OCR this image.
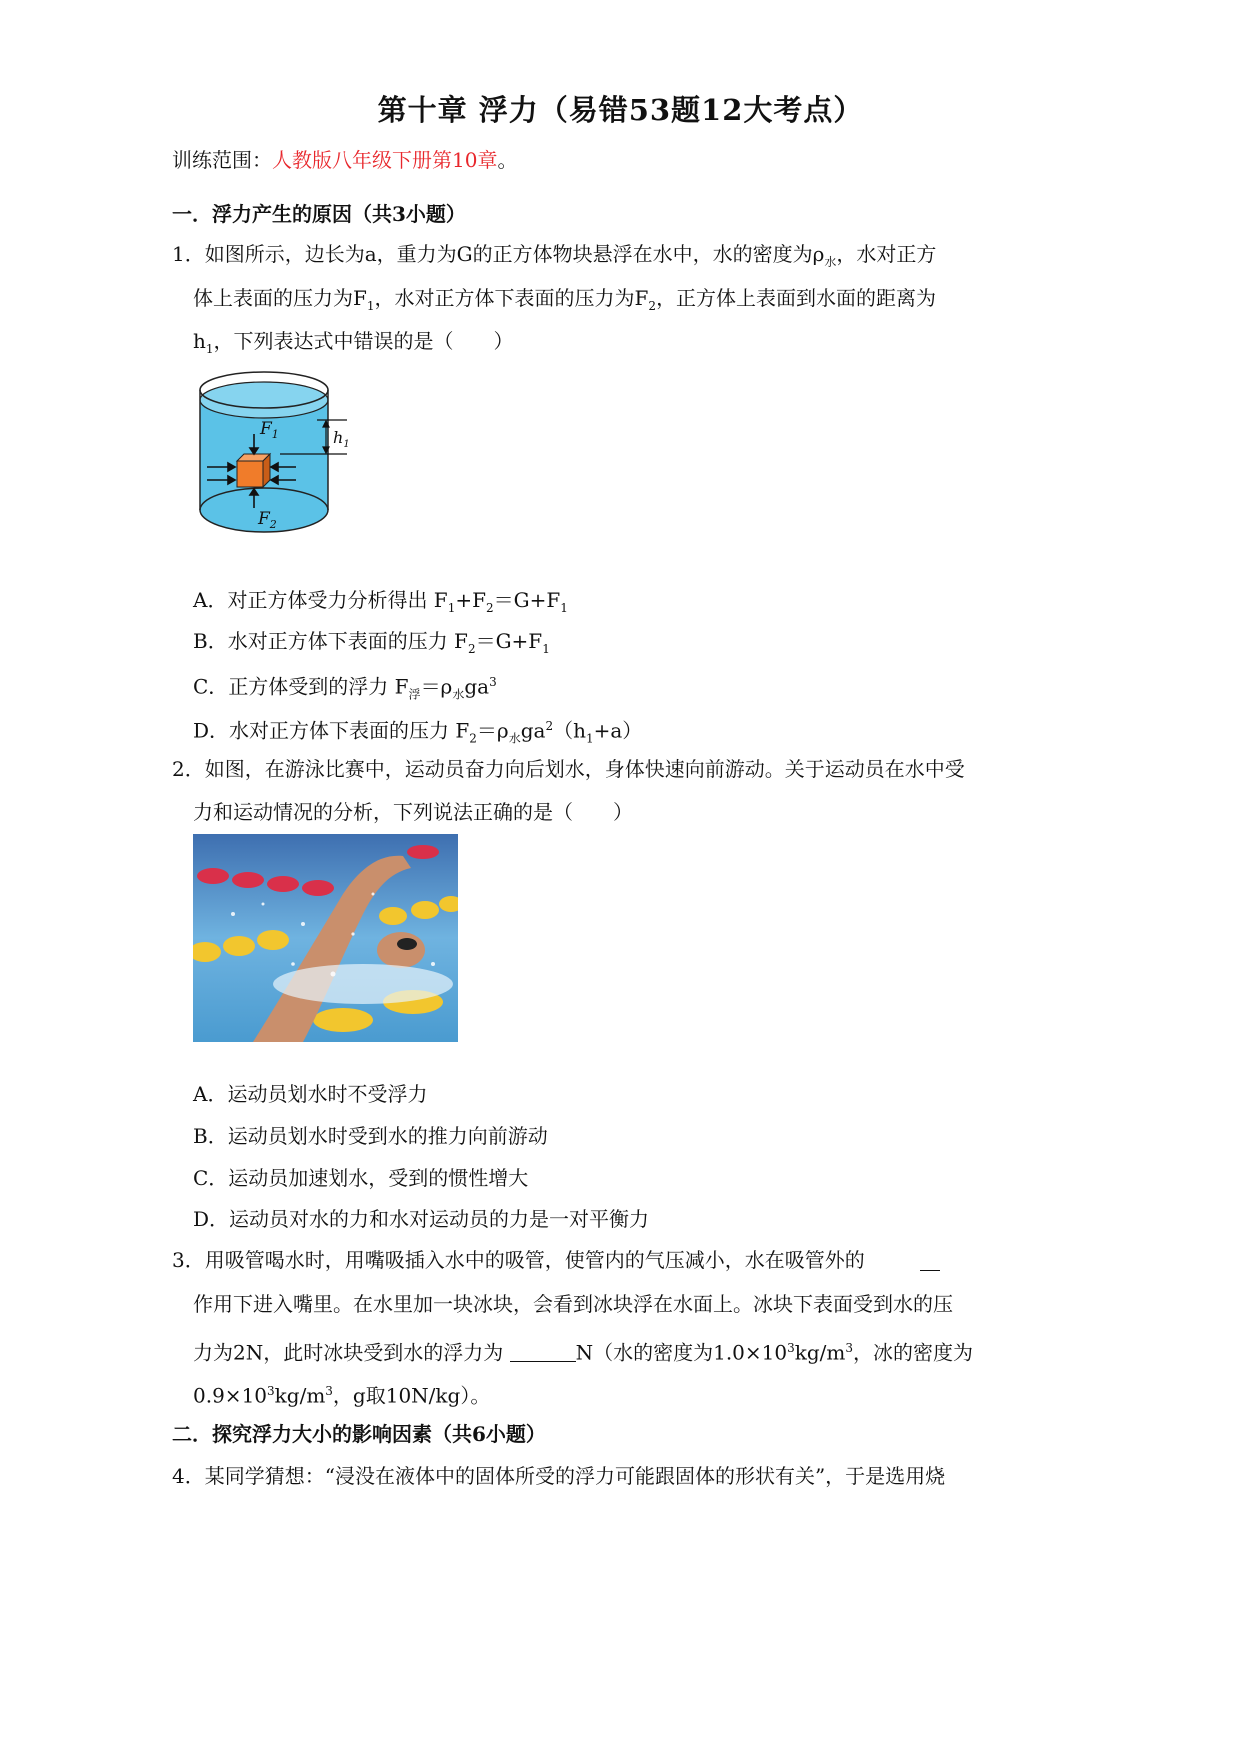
第十章 浮力（易错53题12大考点）
训练范围：人教版八年级下册第10章。
一．浮力产生的原因（共3小题）
1．如图所示，边长为a，重力为G的正方体物块悬浮在水中，水的密度为$\rho_水$，水对正方
体上表面的压力为$F_1$，水对正方体下表面的压力为$F_2$，正方体上表面到水面的距离为
$h_1$，下列表达式中错误的是（　　）
$F_1$
$F_2$
$h_1$
A．对正方体受力分析得出 $F_1+F_2=G+F_1$
B．水对正方体下表面的压力 $F_2=G+F_1$
C．正方体受到的浮力 $F_浮=\rho_水ga^3$
D．水对正方体下表面的压力 $F_2=\rho_水ga^2(h_1+a)$
2．如图，在游泳比赛中，运动员奋力向后划水，身体快速向前游动。关于运动员在水中受
力和运动情况的分析，下列说法正确的是（　　）
A．运动员划水时不受浮力
B．运动员划水时受到水的推力向前游动
C．运动员加速划水，受到的惯性增大
D．运动员对水的力和水对运动员的力是一对平衡力
3．用吸管喝水时，用嘴吸插入水中的吸管，使管内的气压减小，水在吸管外的
作用下进入嘴里。在水里加一块冰块，会看到冰块浮在水面上。冰块下表面受到水的压
力为2N，此时冰块受到水的浮力为	N（水的密度为$1.0\times 10^3kg/m^3$，冰的密度为
$0.9\times 10^3kg/m^3$，g取10N/kg）。
二．探究浮力大小的影响因素（共6小题）
4．某同学猜想：“浸没在液体中的固体所受的浮力可能跟固体的形状有关”，于是选用烧
